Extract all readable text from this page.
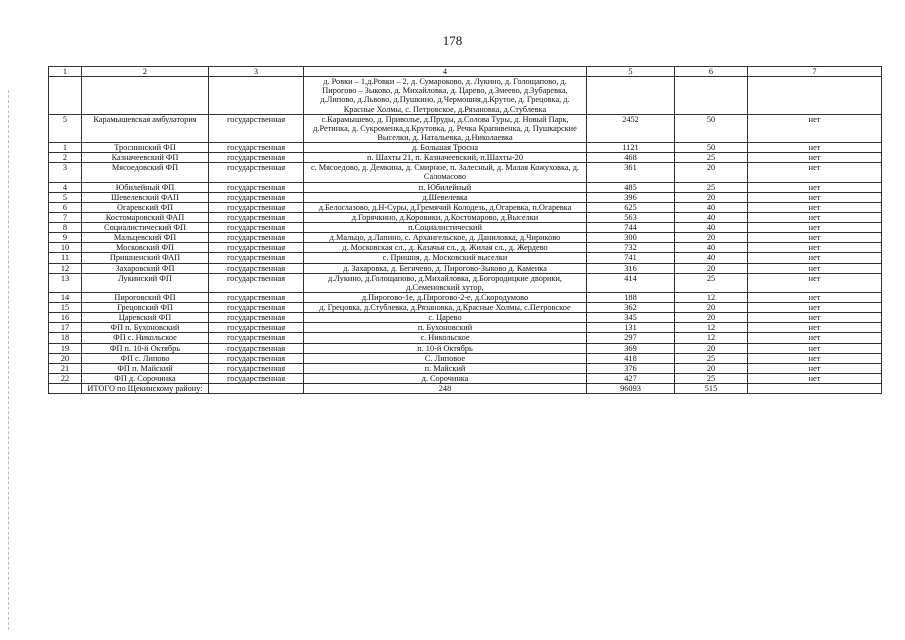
178
1	2	3	4	5	6	7
			д. Ровки – 1,д.Ровки – 2, д. Сумароково, д. Лукино, д. Голощапово, д. Пирогово – Зыково, д. Михайловка, д. Царево, д.Змеево, д.Зубаревка, д.Липово, д.Львово, д.Пушкино, д.Чермошня,д.Крутое, д. Грецовка, д. Красные Холмы, с. Петровское, д.Рязановка, д.Стублевка			
5	Карамышевская амбулатория	государственная	с.Карамышево, д. Приволье, д.Пруды, д.Солова Туры, д. Новый Парк, д.Ретинка, д. Сукроменка,д.Крутовка, д. Речка Крапивенка, д. Пушкарские Выселки, д. Натальевка, д.Николаевка	2452	50	нет
1	Троснинский ФП	государственная	д. Большая Тросна	1121	50	нет
2	Казначеевский ФП	государственная	п. Шахты 21, п. Казначеевский, п.Шахты-20	468	25	нет
3	Мясоедовский ФП	государственная	с. Мясоедово, д. Демкина, д. Смирное, п. Залесный, д. Малая Кожуховка, д. Саломасово	361	20	нет
4	Юбилейный ФП	государственная	п. Юбилейный	485	25	нет
5	Шевелевский ФАП	государственная	д.Шевелевка	396	20	нет
6	Огаревский ФП	государственная	д.Белоглазово, д.Н-Суры, д.Гремячий Колодезь, д.Огаревка, п.Огаревка	625	40	нет
7	Костомаровский ФАП	государственная	д.Горячкино, д.Коровики, д.Костомарово, д.Выселки	563	40	нет
8	Социалистический ФП	государственная	п.Социалистический	744	40	нет
9	Мальцевский ФП	государственная	д.Мальцо, д.Лапино, с. Архангельское, д. Даниловка, д.Чириково	300	20	нет
10	Московский ФП	государственная	д. Московская сл., д. Казачья сл., д. Жилая сл., д. Жердево	732	40	нет
11	Пришненский ФАП	государственная	с. Пришня, д. Московский выселки	741	40	нет
12	Захаровский ФП	государственная	д. Захаровка, д. Бегичево, д. Пирогово-Зыково д. Каменка	316	20	нет
13	Лукинский ФП	государственная	д.Лукино, д.Голощапово, д.Михайловка, д.Богородицкие дворики, д.Семеновский хутор,	414	25	нет
14	Пироговский ФП	государственная	д.Пирогово-1е, д.Пирогово-2-е, д.Скородумово	188	12	нет
15	Грецовский ФП	государственная	д. Грецовка, д.Стублевка, д.Рязановка, д.Красные Холмы, с.Петровское	362	20	нет
16	Царевский ФП	государственная	с. Царево	345	20	нет
17	ФП п. Бухоновский	государственная	п. Бухоновский	131	12	нет
18	ФП с. Никольское	государственная	с. Никольское	297	12	нет
19	ФП п. 10-й Октябрь	государственная	п. 10-й Октябрь	369	20	нет
20	ФП с. Липово	государственная	С. Липовое	418	25	нет
21	ФП п. Майский	государственная	п. Майский	376	20	нет
22	ФП д. Сорочинка	государственная	д. Сорочинка	427	25	нет
	ИТОГО по Щекинскому району:		248	96093	515	
